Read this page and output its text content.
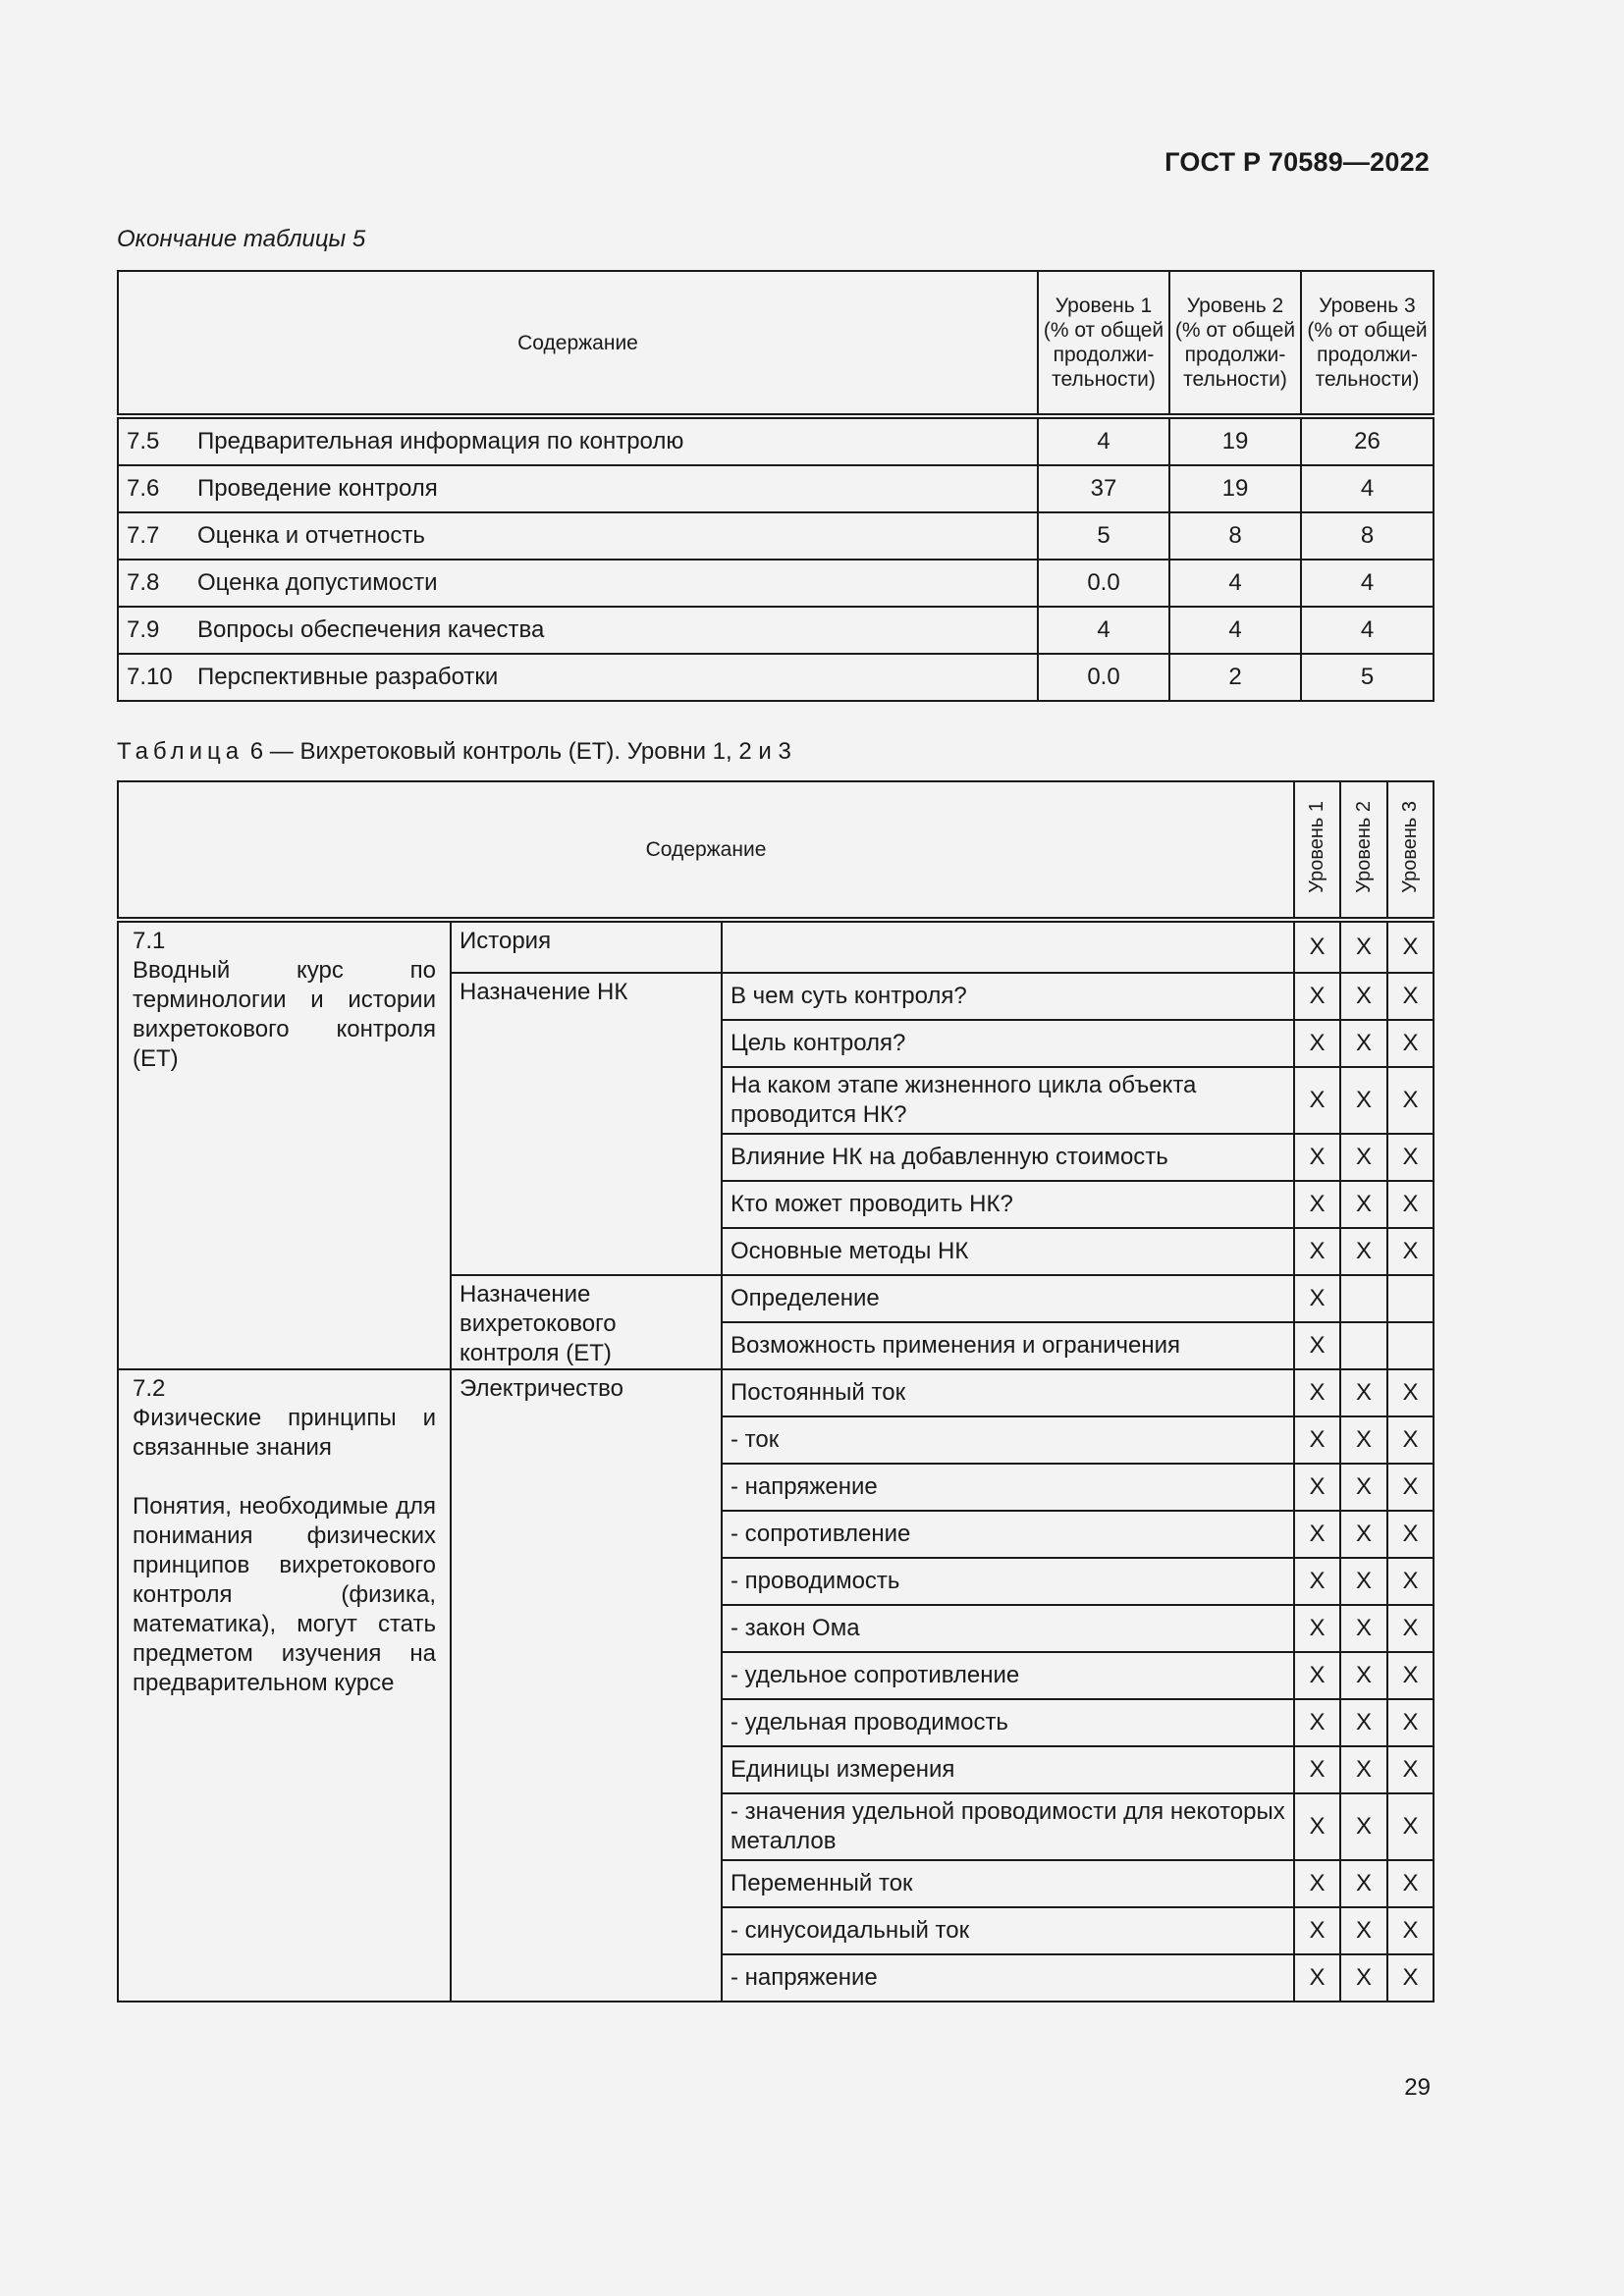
ГОСТ Р 70589—2022
Окончание таблицы 5
Содержание	Уровень 1 (% от общей продолжи-тельности)	Уровень 2 (% от общей продолжи-тельности)	Уровень 3 (% от общей продолжи-тельности)
7.5 Предварительная информация по контролю	4	19	26
7.6 Проведение контроля	37	19	4
7.7 Оценка и отчетность	5	8	8
7.8 Оценка допустимости	0.0	4	4
7.9 Вопросы обеспечения качества	4	4	4
7.10 Перспективные разработки	0.0	2	5
Таблица 6 — Вихретоковый контроль (ЕТ). Уровни 1, 2 и 3
Содержание			Уровень 1	Уровень 2	Уровень 3

7.1
Вводный курс по терминологии и истории вихретокового контроля (ЕТ)	История		X	X	X
	Назначение НК	В чем суть контроля?	X	X	X
		Цель контроля?	X	X	X
		На каком этапе жизненного цикла объекта проводится НК?	X	X	X
		Влияние НК на добавленную стоимость	X	X	X
		Кто может проводить НК?	X	X	X
		Основные методы НК	X	X	X
	Назначение вихретокового контроля (ЕТ)	Определение	X		
		Возможность применения и ограничения	X		

7.2
Физические принципы и связанные знания
Понятия, необходимые для понимания физических принципов вихретокового контроля (физика, математика), могут стать предметом изучения на предварительном курсе	Электричество	Постоянный ток	X	X	X
		- ток	X	X	X
		- напряжение	X	X	X
		- сопротивление	X	X	X
		- проводимость	X	X	X
		- закон Ома	X	X	X
		- удельное сопротивление	X	X	X
		- удельная проводимость	X	X	X
		Единицы измерения	X	X	X
		- значения удельной проводимости для некоторых металлов	X	X	X
		Переменный ток	X	X	X
		- синусоидальный ток	X	X	X
		- напряжение	X	X	X
29
